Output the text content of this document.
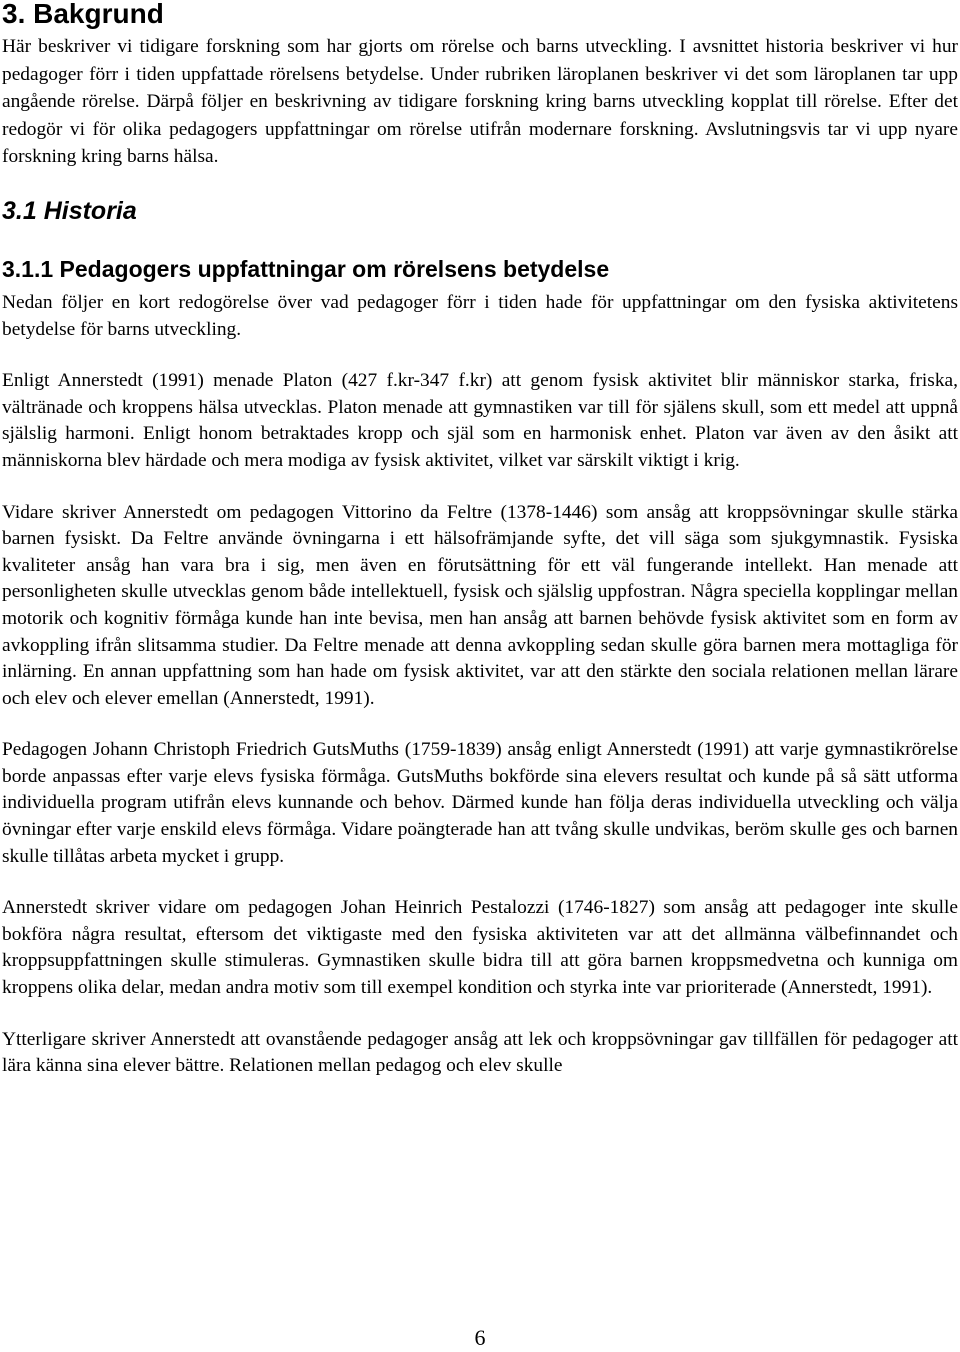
3. Bakgrund

Här beskriver vi tidigare forskning som har gjorts om rörelse och barns utveckling. I avsnittet historia beskriver vi hur pedagoger förr i tiden uppfattade rörelsens betydelse. Under rubriken läroplanen beskriver vi det som läroplanen tar upp angående rörelse. Därpå följer en beskrivning av tidigare forskning kring barns utveckling kopplat till rörelse. Efter det redogör vi för olika pedagogers uppfattningar om rörelse utifrån modernare forskning. Avslutningsvis tar vi upp nyare forskning kring barns hälsa.

3.1 Historia
3.1.1 Pedagogers uppfattningar om rörelsens betydelse

Nedan följer en kort redogörelse över vad pedagoger förr i tiden hade för uppfattningar om den fysiska aktivitetens betydelse för barns utveckling.

Enligt Annerstedt (1991) menade Platon (427 f.kr-347 f.kr) att genom fysisk aktivitet blir människor starka, friska, vältränade och kroppens hälsa utvecklas. Platon menade att gymnastiken var till för själens skull, som ett medel att uppnå själslig harmoni. Enligt honom betraktades kropp och själ som en harmonisk enhet. Platon var även av den åsikt att människorna blev härdade och mera modiga av fysisk aktivitet, vilket var särskilt viktigt i krig.

Vidare skriver Annerstedt om pedagogen Vittorino da Feltre (1378-1446) som ansåg att kroppsövningar skulle stärka barnen fysiskt. Da Feltre använde övningarna i ett hälsofrämjande syfte, det vill säga som sjukgymnastik. Fysiska kvaliteter ansåg han vara bra i sig, men även en förutsättning för ett väl fungerande intellekt. Han menade att personligheten skulle utvecklas genom både intellektuell, fysisk och själslig uppfostran. Några speciella kopplingar mellan motorik och kognitiv förmåga kunde han inte bevisa, men han ansåg att barnen behövde fysisk aktivitet som en form av avkoppling ifrån slitsamma studier. Da Feltre menade att denna avkoppling sedan skulle göra barnen mera mottagliga för inlärning. En annan uppfattning som han hade om fysisk aktivitet, var att den stärkte den sociala relationen mellan lärare och elev och elever emellan (Annerstedt, 1991).

Pedagogen Johann Christoph Friedrich GutsMuths (1759-1839) ansåg enligt Annerstedt (1991) att varje gymnastikrörelse borde anpassas efter varje elevs fysiska förmåga. GutsMuths bokförde sina elevers resultat och kunde på så sätt utforma individuella program utifrån elevs kunnande och behov. Därmed kunde han följa deras individuella utveckling och välja övningar efter varje enskild elevs förmåga. Vidare poängterade han att tvång skulle undvikas, beröm skulle ges och barnen skulle tillåtas arbeta mycket i grupp.

Annerstedt skriver vidare om pedagogen Johan Heinrich Pestalozzi (1746-1827) som ansåg att pedagoger inte skulle bokföra några resultat, eftersom det viktigaste med den fysiska aktiviteten var att det allmänna välbefinnandet och kroppsuppfattningen skulle stimuleras. Gymnastiken skulle bidra till att göra barnen kroppsmedvetna och kunniga om kroppens olika delar, medan andra motiv som till exempel kondition och styrka inte var prioriterade (Annerstedt, 1991).

Ytterligare skriver Annerstedt att ovanstående pedagoger ansåg att lek och kroppsövningar gav tillfällen för pedagoger att lära känna sina elever bättre. Relationen mellan pedagog och elev skulle

6
